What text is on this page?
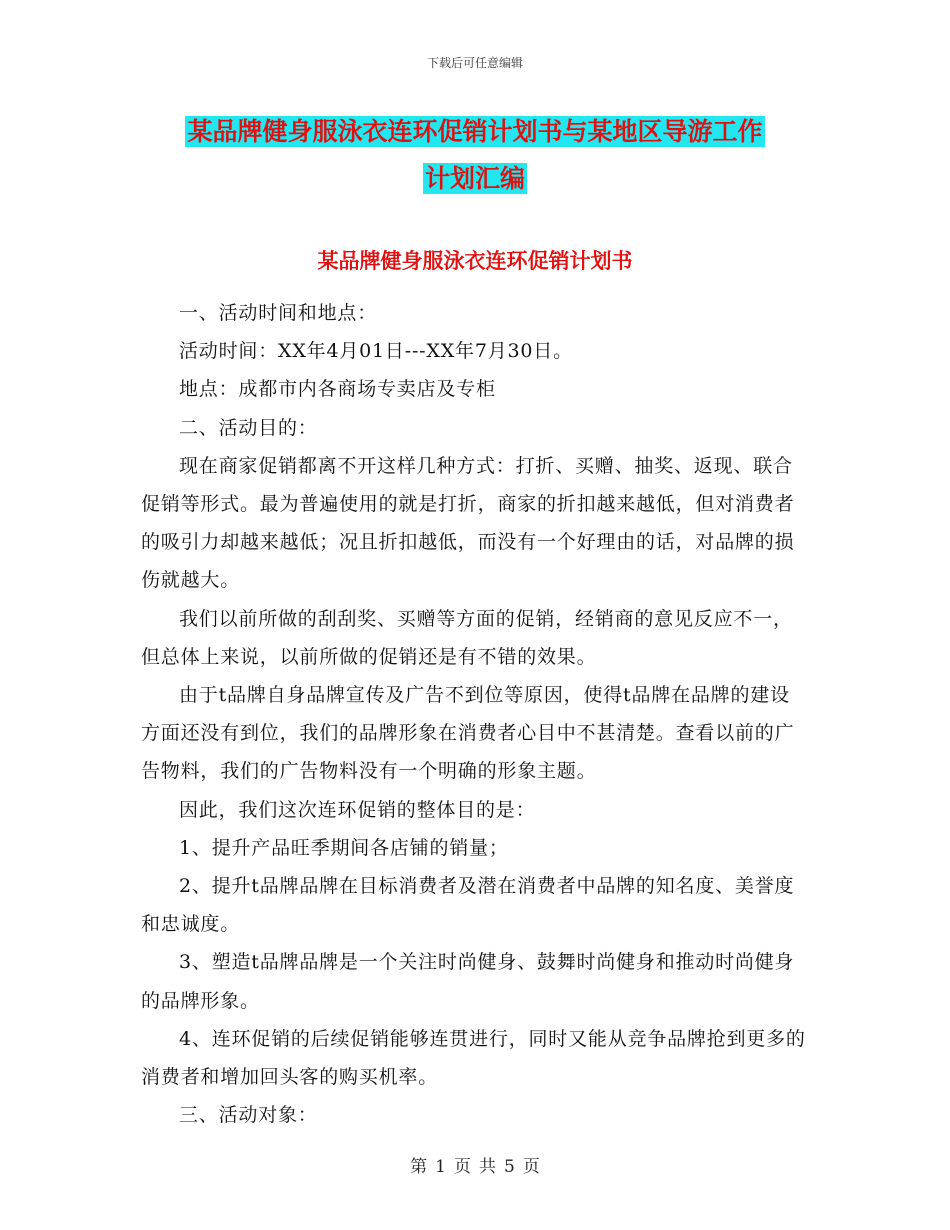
下载后可任意编辑
某品牌健身服泳衣连环促销计划书与某地区导游工作
计划汇编
某品牌健身服泳衣连环促销计划书

一、活动时间和地点：

活动时间：XX年4月01日---XX年7月30日。

地点：成都市内各商场专卖店及专柜

二、活动目的：

现在商家促销都离不开这样几种方式：打折、买赠、抽奖、返现、联合促销等形式。最为普遍使用的就是打折，商家的折扣越来越低，但对消费者的吸引力却越来越低；况且折扣越低，而没有一个好理由的话，对品牌的损伤就越大。

我们以前所做的刮刮奖、买赠等方面的促销，经销商的意见反应不一，但总体上来说，以前所做的促销还是有不错的效果。

由于t品牌自身品牌宣传及广告不到位等原因，使得t品牌在品牌的建设方面还没有到位，我们的品牌形象在消费者心目中不甚清楚。查看以前的广告物料，我们的广告物料没有一个明确的形象主题。

因此，我们这次连环促销的整体目的是：

1、提升产品旺季期间各店铺的销量；

2、提升t品牌品牌在目标消费者及潜在消费者中品牌的知名度、美誉度和忠诚度。

3、塑造t品牌品牌是一个关注时尚健身、鼓舞时尚健身和推动时尚健身的品牌形象。

4、连环促销的后续促销能够连贯进行，同时又能从竞争品牌抢到更多的消费者和增加回头客的购买机率。

三、活动对象：

第 1 页 共 5 页
